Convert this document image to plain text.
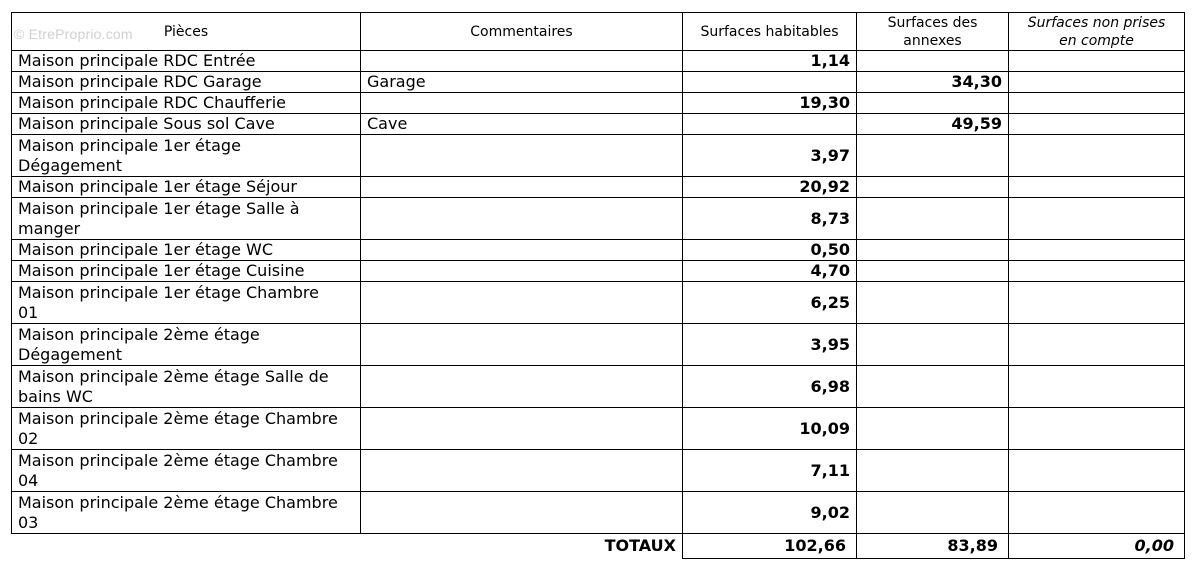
© EtreProprio.com Pièces	Commentaires	Surfaces habitables	Surfaces des
annexes	Surfaces non prises
en compte
Maison principale RDC Entrée		1,14		
Maison principale RDC Garage	Garage		34,30	
Maison principale RDC Chaufferie		19,30		
Maison principale Sous sol Cave	Cave		49,59	
Maison principale 1er étage
Dégagement		3,97		
Maison principale 1er étage Séjour		20,92		
Maison principale 1er étage Salle à
manger		8,73		
Maison principale 1er étage WC		0,50		
Maison principale 1er étage Cuisine		4,70		
Maison principale 1er étage Chambre
01		6,25		
Maison principale 2ème étage
Dégagement		3,95		
Maison principale 2ème étage Salle de
bains WC		6,98		
Maison principale 2ème étage Chambre
02		10,09		
Maison principale 2ème étage Chambre
04		7,11		
Maison principale 2ème étage Chambre
03		9,02		
	TOTAUX	102,66	83,89	0,00
